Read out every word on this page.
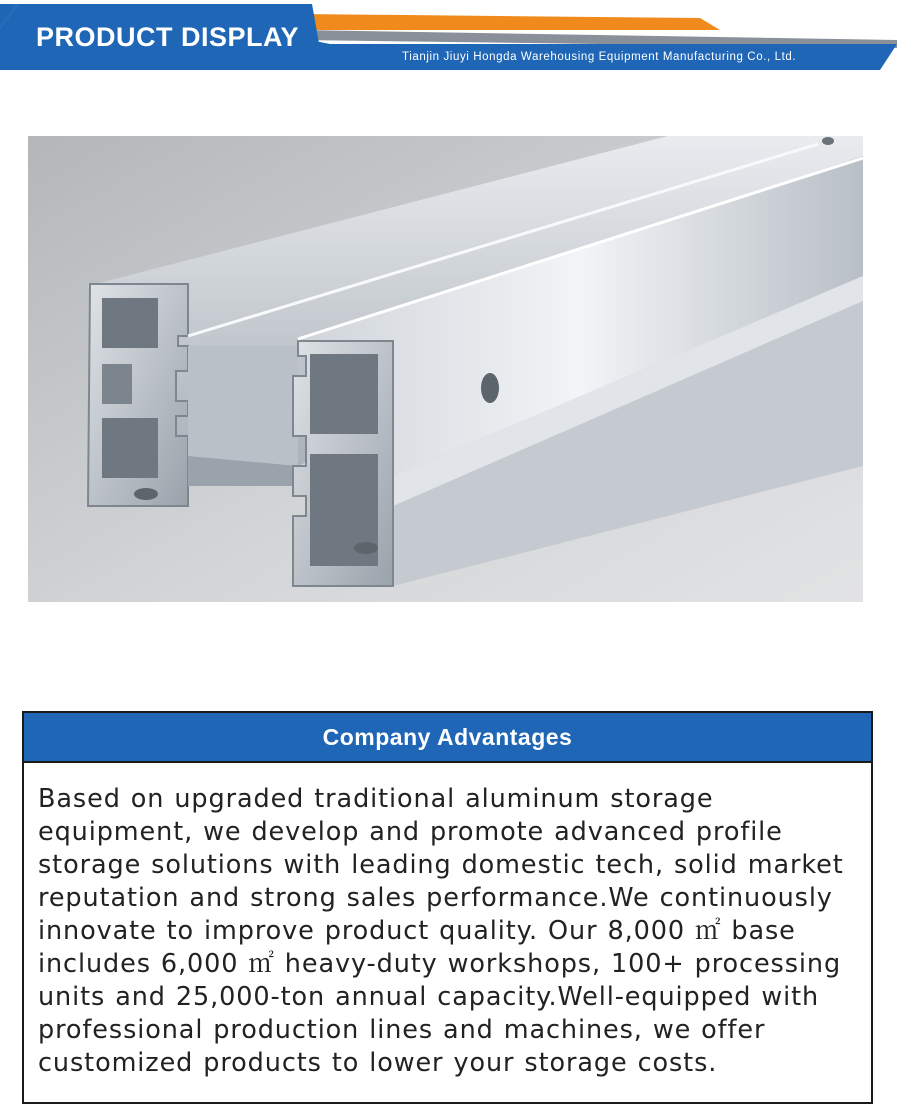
PRODUCT DISPLAY
Tianjin Jiuyi Hongda Warehousing Equipment Manufacturing Co., Ltd.
Company Advantages
Based on upgraded traditional aluminum storage equipment, we develop and promote advanced profile storage solutions with leading domestic tech, solid market reputation and strong sales performance.We continuously innovate to improve product quality. Our 8,000 ㎡ base includes 6,000 ㎡ heavy-duty workshops, 100+ processing units and 25,000-ton annual capacity.Well-equipped with professional production lines and machines, we offer customized products to lower your storage costs.
